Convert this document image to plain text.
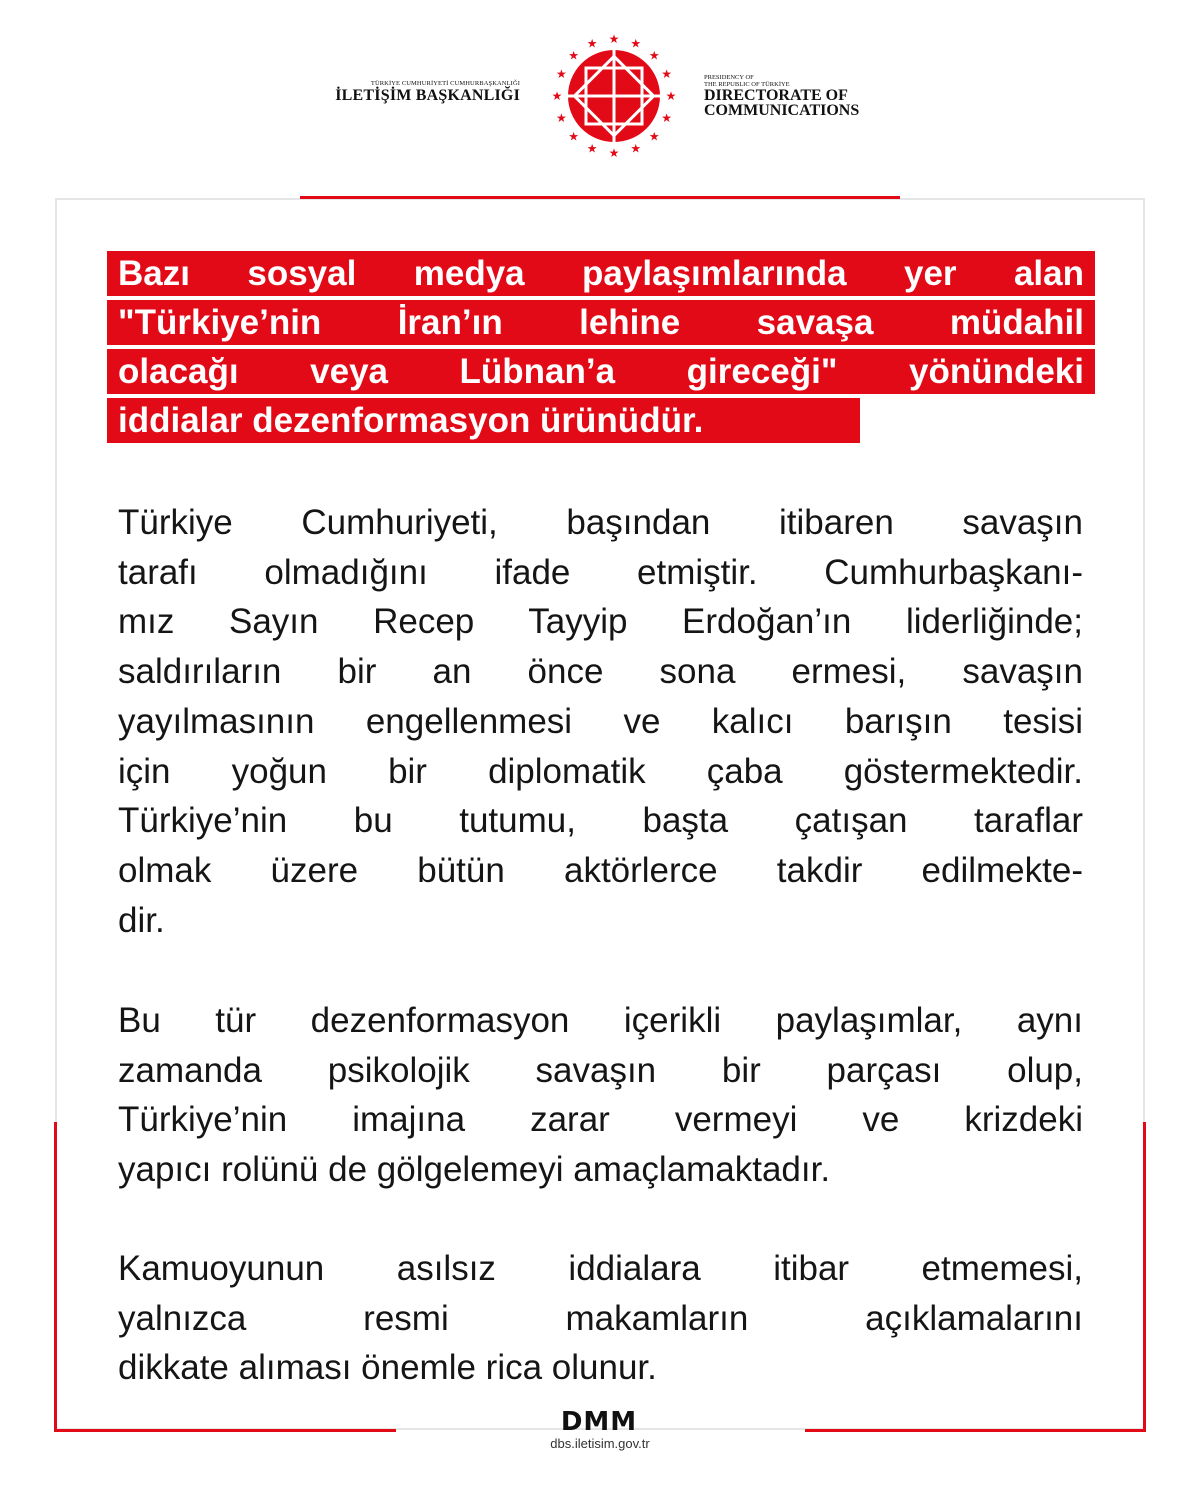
TÜRKİYE CUMHURİYETİ CUMHURBAŞKANLIĞI
İLETİŞİM BAŞKANLIĞI
★ ★
★
★
★
★
★
★
★
★
★
★
★
★
★
★
PRESIDENCY OF
THE REPUBLIC OF TÜRKİYE
DIRECTORATE OF
COMMUNICATIONS
Bazı sosyal medya paylaşımlarında yer alan
"Türkiye’nin İran’ın lehine savaşa müdahil
olacağı veya Lübnan’a gireceği" yönündeki
iddialar dezenformasyon ürünüdür.
Türkiye Cumhuriyeti, başından itibaren savaşın
tarafı olmadığını ifade etmiştir. Cumhurbaşkanı-
mız Sayın Recep Tayyip Erdoğan’ın liderliğinde;
saldırıların bir an önce sona ermesi, savaşın
yayılmasının engellenmesi ve kalıcı barışın tesisi
için yoğun bir diplomatik çaba göstermektedir.
Türkiye’nin bu tutumu, başta çatışan taraflar
olmak üzere bütün aktörlerce takdir edilmekte-
dir.
Bu tür dezenformasyon içerikli paylaşımlar, aynı
zamanda psikolojik savaşın bir parçası olup,
Türkiye’nin imajına zarar vermeyi ve krizdeki
yapıcı rolünü de gölgelemeyi amaçlamaktadır.
Kamuoyunun asılsız iddialara itibar etmemesi,
yalnızca resmi makamların açıklamalarını
dikkate alıması önemle rica olunur.
DMM
dbs.iletisim.gov.tr
